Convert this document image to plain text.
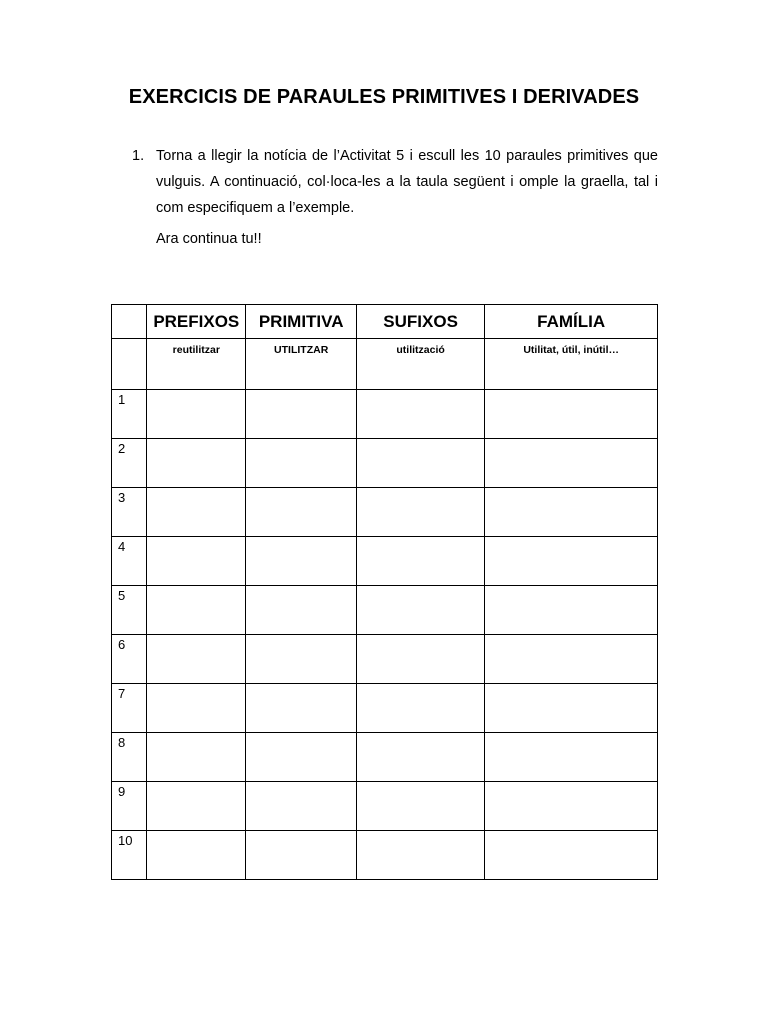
EXERCICIS DE PARAULES PRIMITIVES I DERIVADES
1. Torna a llegir la notícia de l’Activitat 5 i escull les 10 paraules primitives que vulguis. A continuació, col·loca-les a la taula següent i omple la graella, tal i com especifiquem a l’exemple.
Ara continua tu!!
	PREFIXOS	PRIMITIVA	SUFIXOS	FAMÍLIA
	reutilitzar	UTILITZAR	utilització	Utilitat, útil, inútil…
1				
2				
3				
4				
5				
6				
7				
8				
9				
10				
